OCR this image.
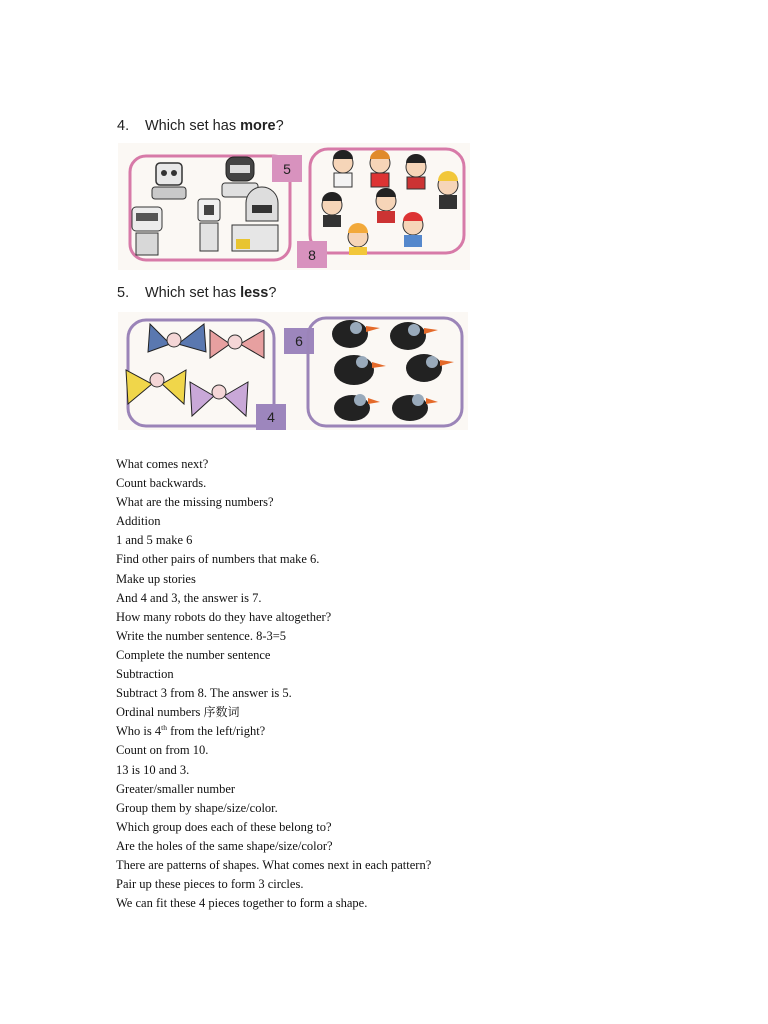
4. Which set has more?
5
8
5. Which set has less?
4
6
What comes next?
Count backwards.
What are the missing numbers?
Addition
1 and 5 make 6
Find other pairs of numbers that make 6.
Make up stories
And 4 and 3, the answer is 7.
How many robots do they have altogether?
Write the number sentence. 8-3=5
Complete the number sentence
Subtraction
Subtract 3 from 8. The answer is 5.
Ordinal numbers 序数词
Who is 4th from the left/right?
Count on from 10.
13 is 10 and 3.
Greater/smaller number
Group them by shape/size/color.
Which group does each of these belong to?
Are the holes of the same shape/size/color?
There are patterns of shapes. What comes next in each pattern?
Pair up these pieces to form 3 circles.
We can fit these 4 pieces together to form a shape.
